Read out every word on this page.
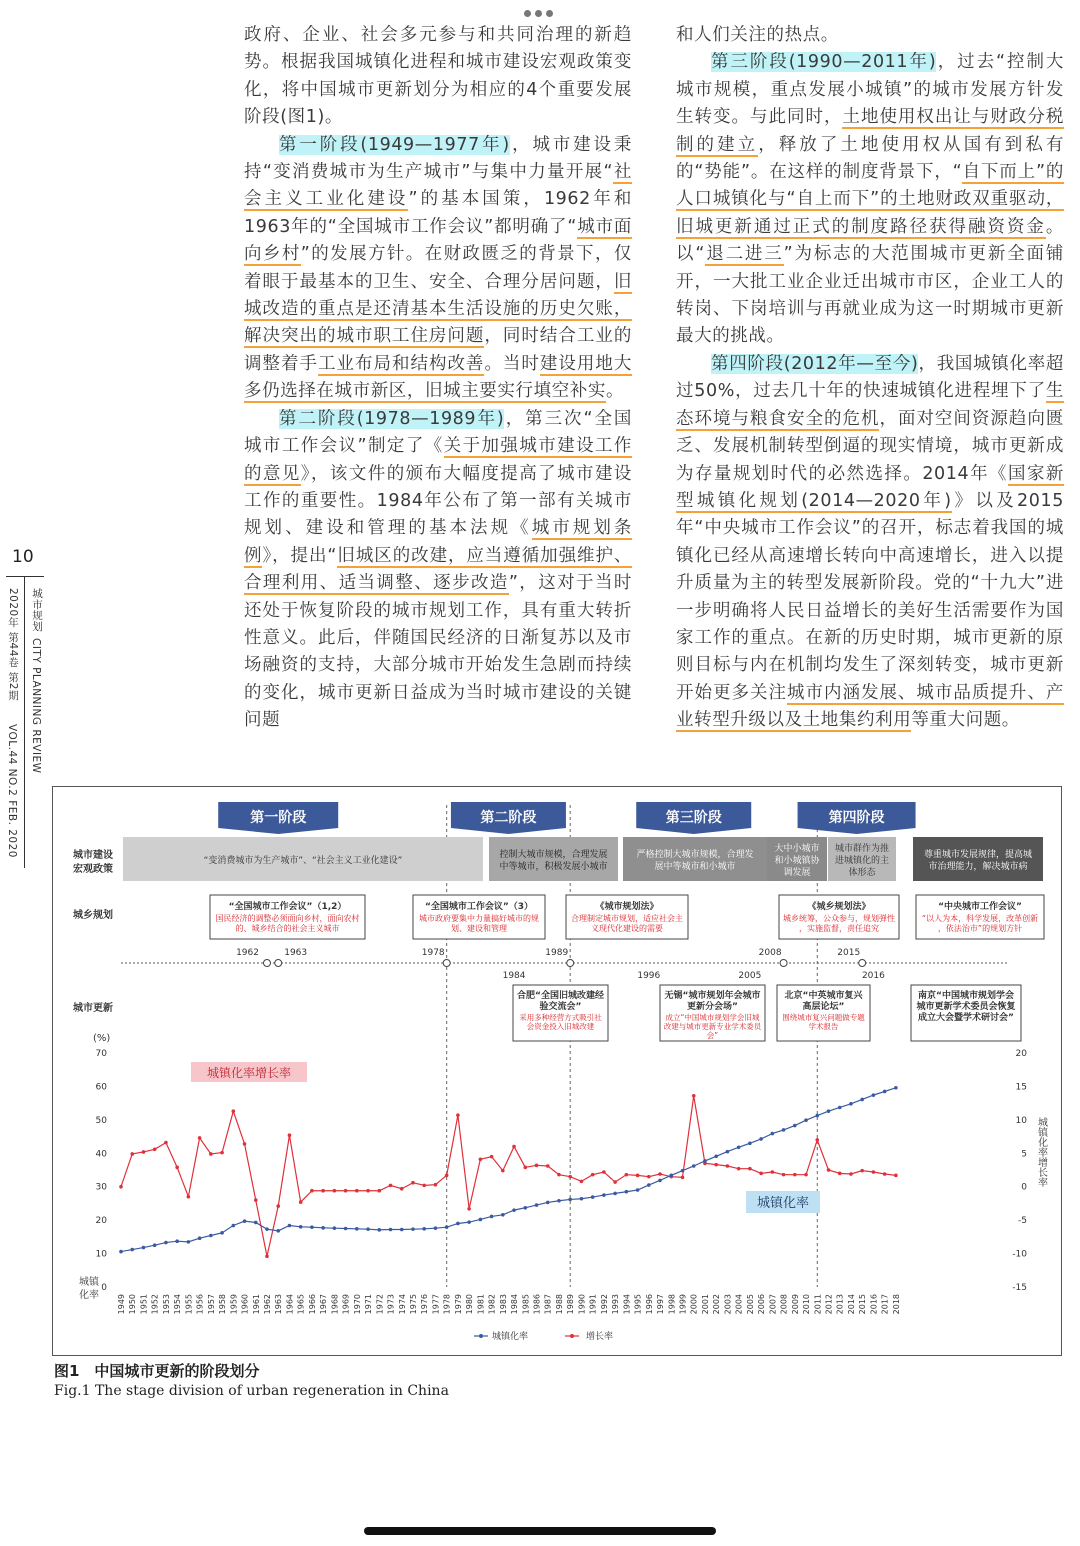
政府、企业、社会多元参与和共同治理的新趋势。根据我国城镇化进程和城市建设宏观政策变化，将中国城市更新划分为相应的4个重要发展阶段(图1)。

第一阶段(1949—1977年)，城市建设秉持“变消费城市为生产城市”与集中力量开展“社会主义工业化建设”的基本国策，1962年和1963年的“全国城市工作会议”都明确了“城市面向乡村”的发展方针。在财政匮乏的背景下，仅着眼于最基本的卫生、安全、合理分居问题，旧城改造的重点是还清基本生活设施的历史欠账，解决突出的城市职工住房问题，同时结合工业的调整着手工业布局和结构改善。当时建设用地大多仍选择在城市新区，旧城主要实行填空补实。

第二阶段(1978—1989年)，第三次“全国城市工作会议”制定了《关于加强城市建设工作的意见》，该文件的颁布大幅度提高了城市建设工作的重要性。1984年公布了第一部有关城市规划、建设和管理的基本法规《城市规划条例》，提出“旧城区的改建，应当遵循加强维护、合理利用、适当调整、逐步改造”，这对于当时还处于恢复阶段的城市规划工作，具有重大转折性意义。此后，伴随国民经济的日渐复苏以及市场融资的支持，大部分城市开始发生急剧而持续的变化，城市更新日益成为当时城市建设的关键问题

和人们关注的热点。

第三阶段(1990—2011年)，过去“控制大城市规模，重点发展小城镇”的城市发展方针发生转变。与此同时，土地使用权出让与财政分税制的建立，释放了土地使用权从国有到私有的“势能”。在这样的制度背景下，“自下而上”的人口城镇化与“自上而下”的土地财政双重驱动，旧城更新通过正式的制度路径获得融资资金。以“退二进三”为标志的大范围城市更新全面铺开，一大批工业企业迁出城市市区，企业工人的转岗、下岗培训与再就业成为这一时期城市更新最大的挑战。

第四阶段(2012年—至今)，我国城镇化率超过50%，过去几十年的快速城镇化进程埋下了生态环境与粮食安全的危机，面对空间资源趋向匮乏、发展机制转型倒逼的现实情境，城市更新成为存量规划时代的必然选择。2014年《国家新型城镇化规划(2014—2020年)》以及2015年“中央城市工作会议”的召开，标志着我国的城镇化已经从高速增长转向中高速增长，进入以提升质量为主的转型发展新阶段。党的“十九大”进一步明确将人民日益增长的美好生活需要作为国家工作的重点。在新的历史时期，城市更新的原则目标与内在机制均发生了深刻转变，城市更新开始更多关注城市内涵发展、城市品质提升、产业转型升级以及土地集约利用等重大问题。

10
2020年 第44卷 第2期
VOL.44 NO.2 FEB. 2020
城市规划
CITY PLANNING REVIEW
第一阶段	第二阶段	第三阶段	第四阶段
城市建设
宏观政策
城乡规划
城市更新
(%)
城镇
化率
城镇化率增长率
“变消费城市为生产城市”、“社会主义工业化建设”
控制大城市规模，合理发展中等城市，积极发展小城市
严格控制大城市规模，合理发展中等城市和小城市
大中小城市和小城镇协调发展
城市群作为推进城镇化的主体形态
尊重城市发展规律，提高城市治理能力，解决城市病
“全国城市工作会议”（1,2）
国民经济的调整必须面向乡村，面向农村的、城乡结合的社会主义城市
“全国城市工作会议”（3）
城市政府要集中力量搞好城市的规划、建设和管理
《城市规划法》
合理制定城市规划，适应社会主义现代化建设的需要
《城乡规划法》
城乡统筹，公众参与，规划弹性，实施监督，责任追究
“中央城市工作会议”
“以人为本，科学发展，改革创新，依法治市”的规划方针
1962	1963	1978	1989	2008	2015
1984	1996	2005	2016
合肥“全国旧城改建经验交流会”
采用多种经营方式吸引社会资金投入旧城改建
无锡“城市规划年会城市更新分会场”
成立“中国城市规划学会旧城改建与城市更新专业学术委员会”
北京“中英城市复兴高层论坛”
围绕城市复兴问题做专题学术报告
南京“中国城市规划学会城市更新学术委员会恢复成立大会暨学术研讨会”
0
10
20
30
40
50
60
70
-15
-10
-5
0
5
10
15
20
1949 1950 1951 1952 1953 1954 1955 1956 1957 1958 1959 1960 1961 1962 1963 1964 1965 1966 1967 1968 1969 1970 1971 1972 1973 1974 1975 1976 1977 1978 1979 1980 1981 1982 1983 1984 1985 1986 1987 1988 1989 1990 1991 1992 1993 1994 1995 1996 1997 1998 1999 2000 2001 2002 2003 2004 2005 2006 2007 2008 2009 2010 2011 2012 2013 2014 2015 2016 2017 2018
城镇化率增长率
城镇化率
城镇化率	增长率
图1　中国城市更新的阶段划分
Fig.1 The stage division of urban regeneration in China
